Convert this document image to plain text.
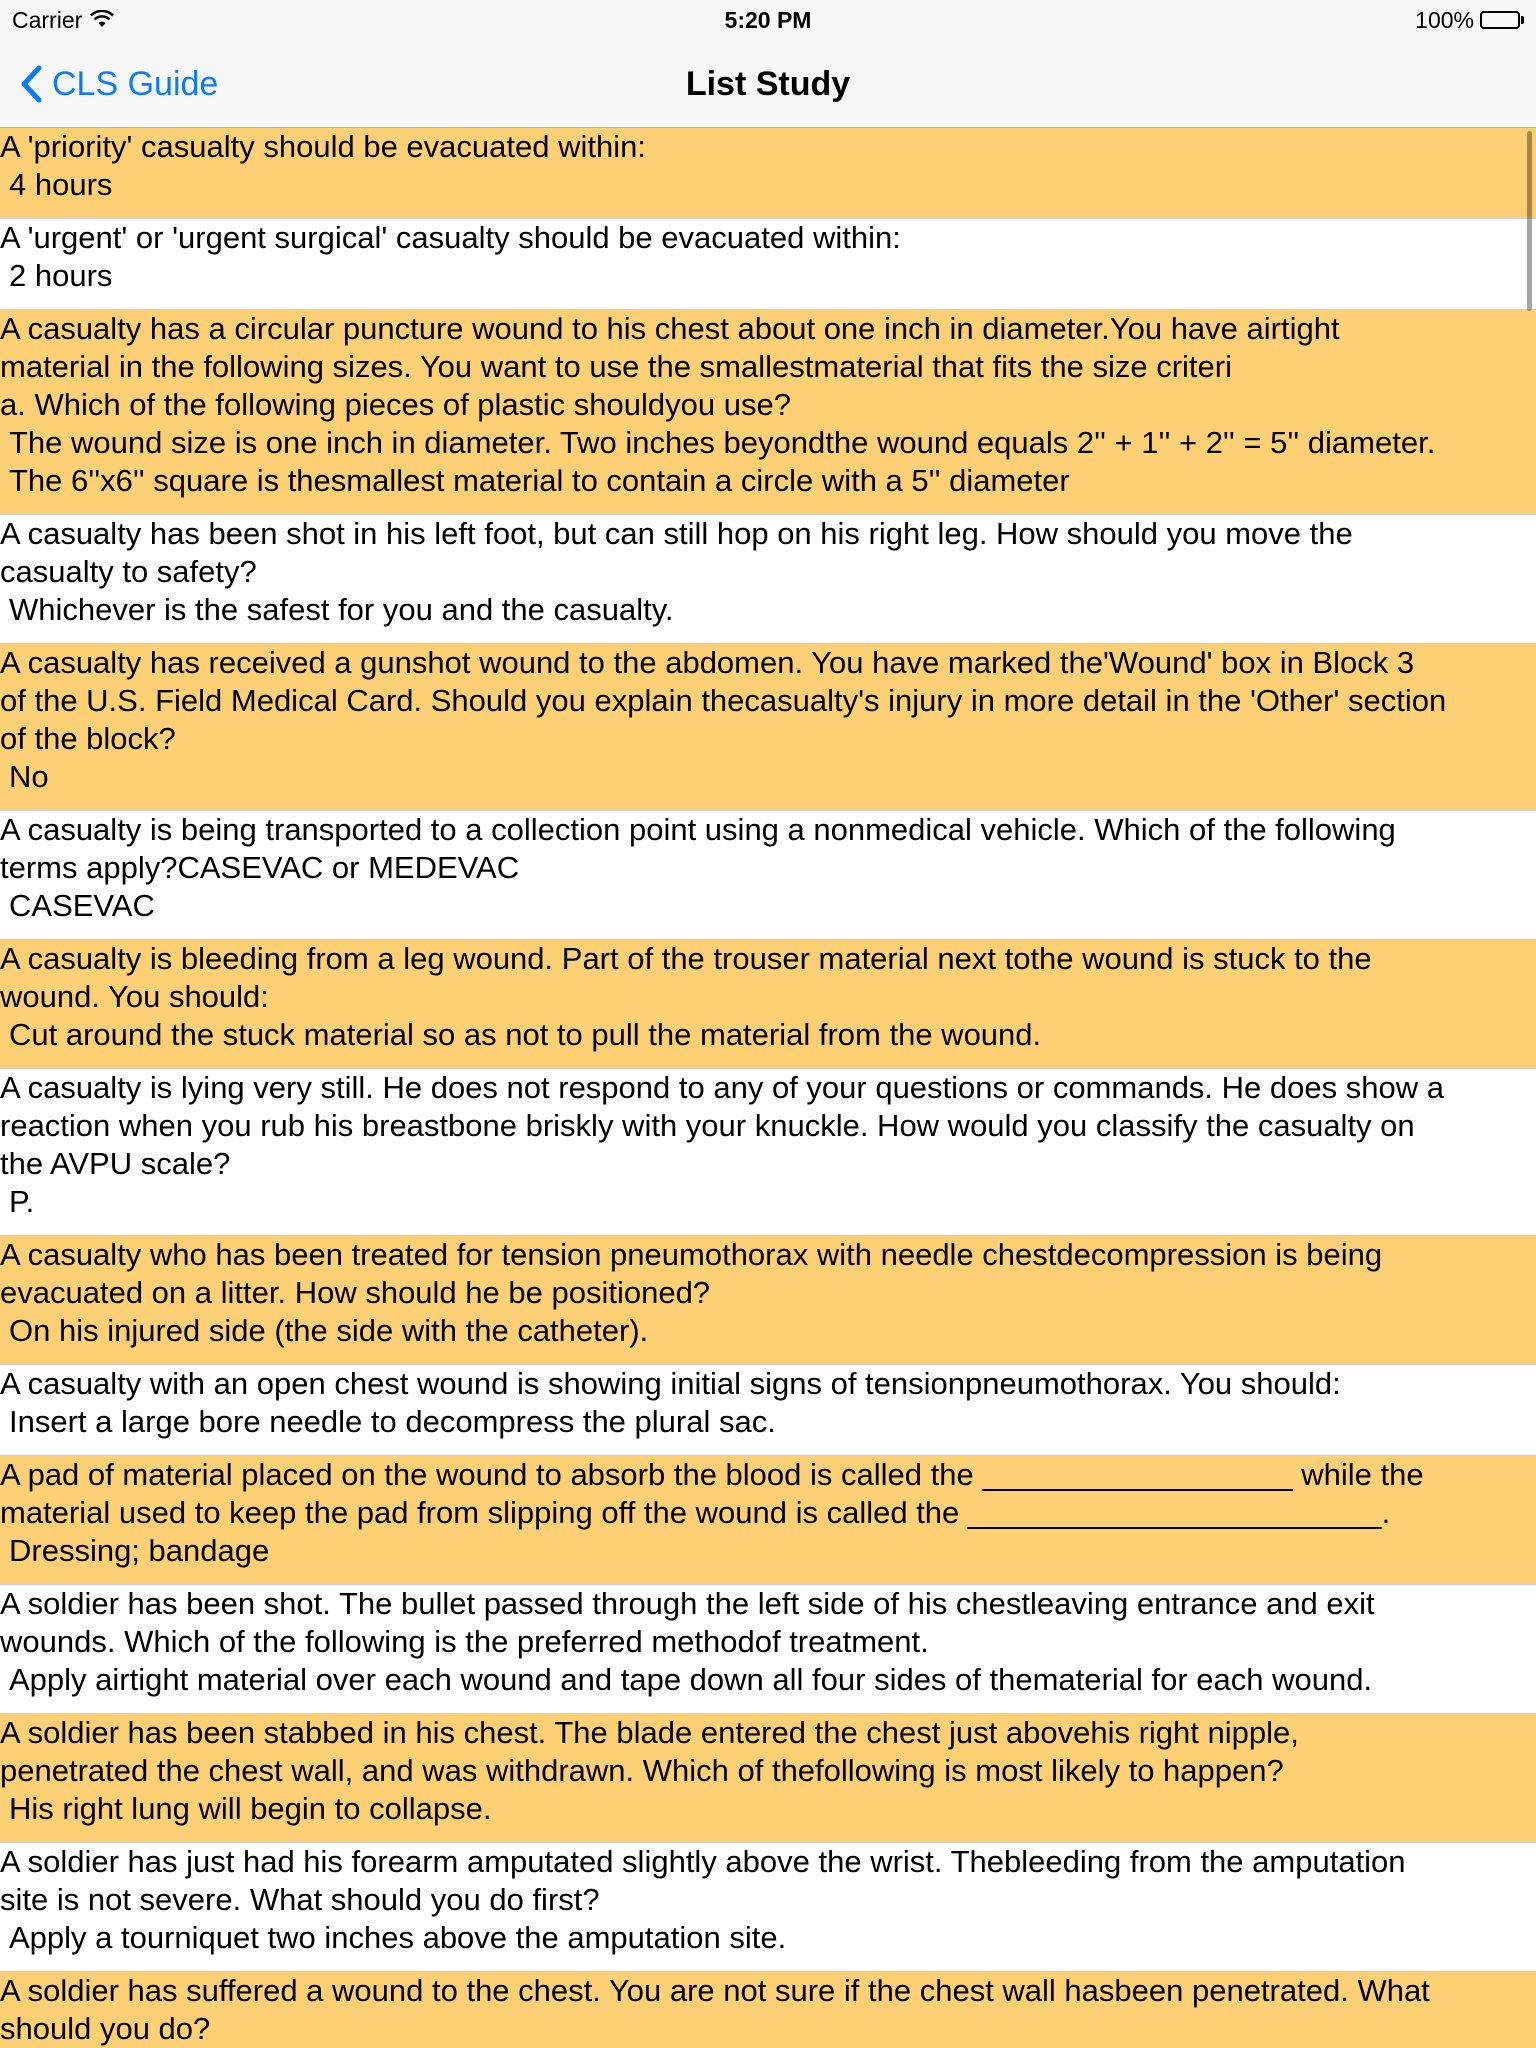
Carrier	5:20 PM	100%
CLS Guide	List Study
A 'priority' casualty should be evacuated within:
4 hours
A 'urgent' or 'urgent surgical' casualty should be evacuated within:
2 hours
A casualty has a circular puncture wound to his chest about one inch in diameter.You have airtight
material in the following sizes. You want to use the smallestmaterial that fits the size criteri
a. Which of the following pieces of plastic shouldyou use?
The wound size is one inch in diameter. Two inches beyondthe wound equals 2'' + 1'' + 2'' = 5'' diameter.
The 6''x6'' square is thesmallest material to contain a circle with a 5'' diameter
A casualty has been shot in his left foot, but can still hop on his right leg. How should you move the
casualty to safety?
Whichever is the safest for you and the casualty.
A casualty has received a gunshot wound to the abdomen. You have marked the'Wound' box in Block 3
of the U.S. Field Medical Card. Should you explain thecasualty's injury in more detail in the 'Other' section
of the block?
No
A casualty is being transported to a collection point using a nonmedical vehicle. Which of the following
terms apply?CASEVAC or MEDEVAC
CASEVAC
A casualty is bleeding from a leg wound. Part of the trouser material next tothe wound is stuck to the
wound. You should:
Cut around the stuck material so as not to pull the material from the wound.
A casualty is lying very still. He does not respond to any of your questions or commands. He does show a
reaction when you rub his breastbone briskly with your knuckle. How would you classify the casualty on
the AVPU scale?
P.
A casualty who has been treated for tension pneumothorax with needle chestdecompression is being
evacuated on a litter. How should he be positioned?
On his injured side (the side with the catheter).
A casualty with an open chest wound is showing initial signs of tensionpneumothorax. You should:
Insert a large bore needle to decompress the plural sac.
A pad of material placed on the wound to absorb the blood is called the __________________ while the
material used to keep the pad from slipping off the wound is called the ________________________.
Dressing; bandage
A soldier has been shot. The bullet passed through the left side of his chestleaving entrance and exit
wounds. Which of the following is the preferred methodof treatment.
Apply airtight material over each wound and tape down all four sides of thematerial for each wound.
A soldier has been stabbed in his chest. The blade entered the chest just abovehis right nipple,
penetrated the chest wall, and was withdrawn. Which of thefollowing is most likely to happen?
His right lung will begin to collapse.
A soldier has just had his forearm amputated slightly above the wrist. Thebleeding from the amputation
site is not severe. What should you do first?
Apply a tourniquet two inches above the amputation site.
A soldier has suffered a wound to the chest. You are not sure if the chest wall hasbeen penetrated. What
should you do?
